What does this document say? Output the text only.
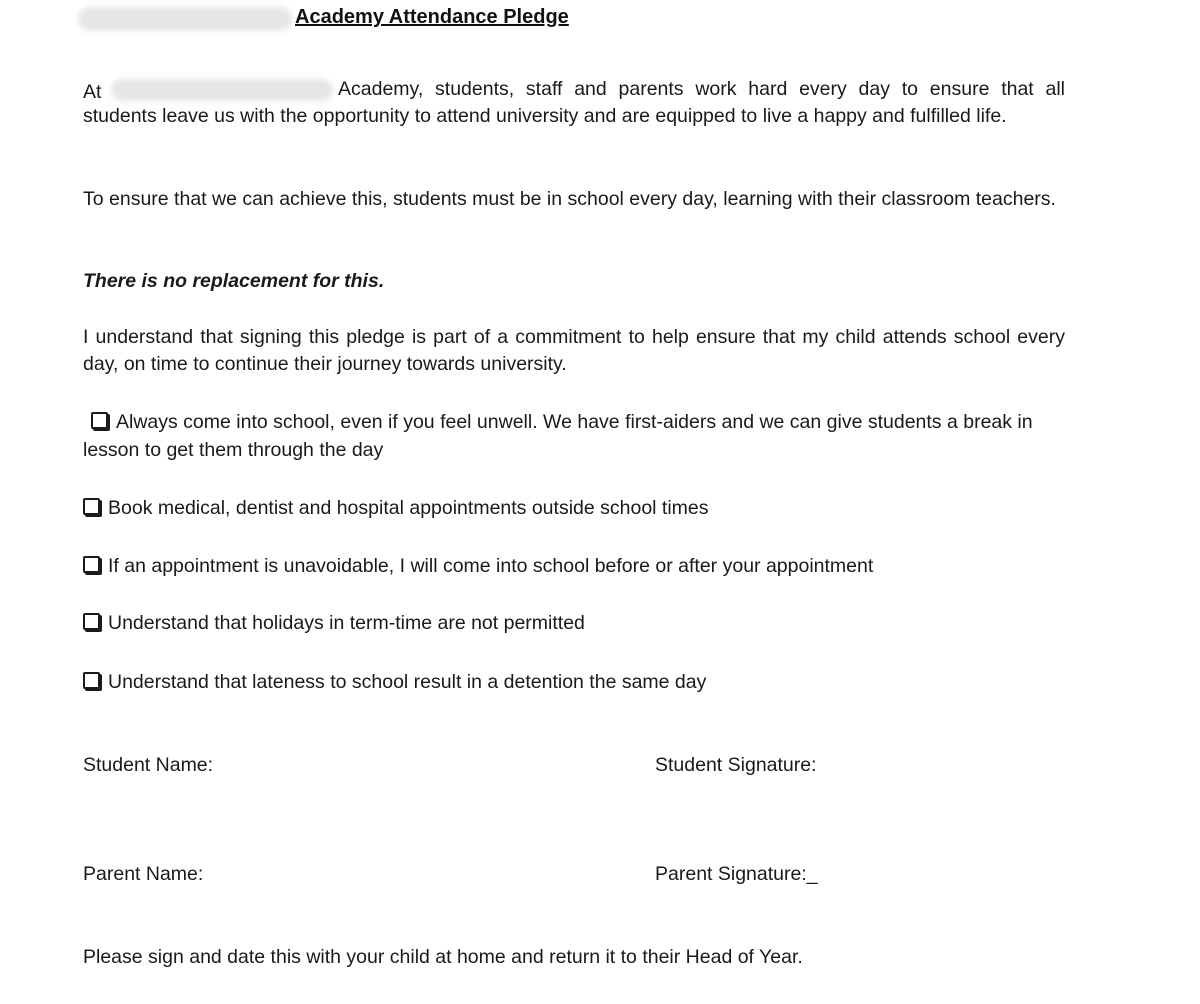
Academy Attendance Pledge

At	Academy, students, staff and parents work hard every day to ensure that all students leave us with the opportunity to attend university and are equipped to live a happy and fulfilled life.

To ensure that we can achieve this, students must be in school every day, learning with their classroom teachers.

There is no replacement for this.

I understand that signing this pledge is part of a commitment to help ensure that my child attends school every day, on time to continue their journey towards university.

Always come into school, even if you feel unwell. We have first-aiders and we can give students a break in lesson to get them through the day
Book medical, dentist and hospital appointments outside school times
If an appointment is unavoidable, I will come into school before or after your appointment
Understand that holidays in term-time are not permitted
Understand that lateness to school result in a detention the same day
Student Name:	Student Signature:
Parent Name:	Parent Signature:_
Please sign and date this with your child at home and return it to their Head of Year.
